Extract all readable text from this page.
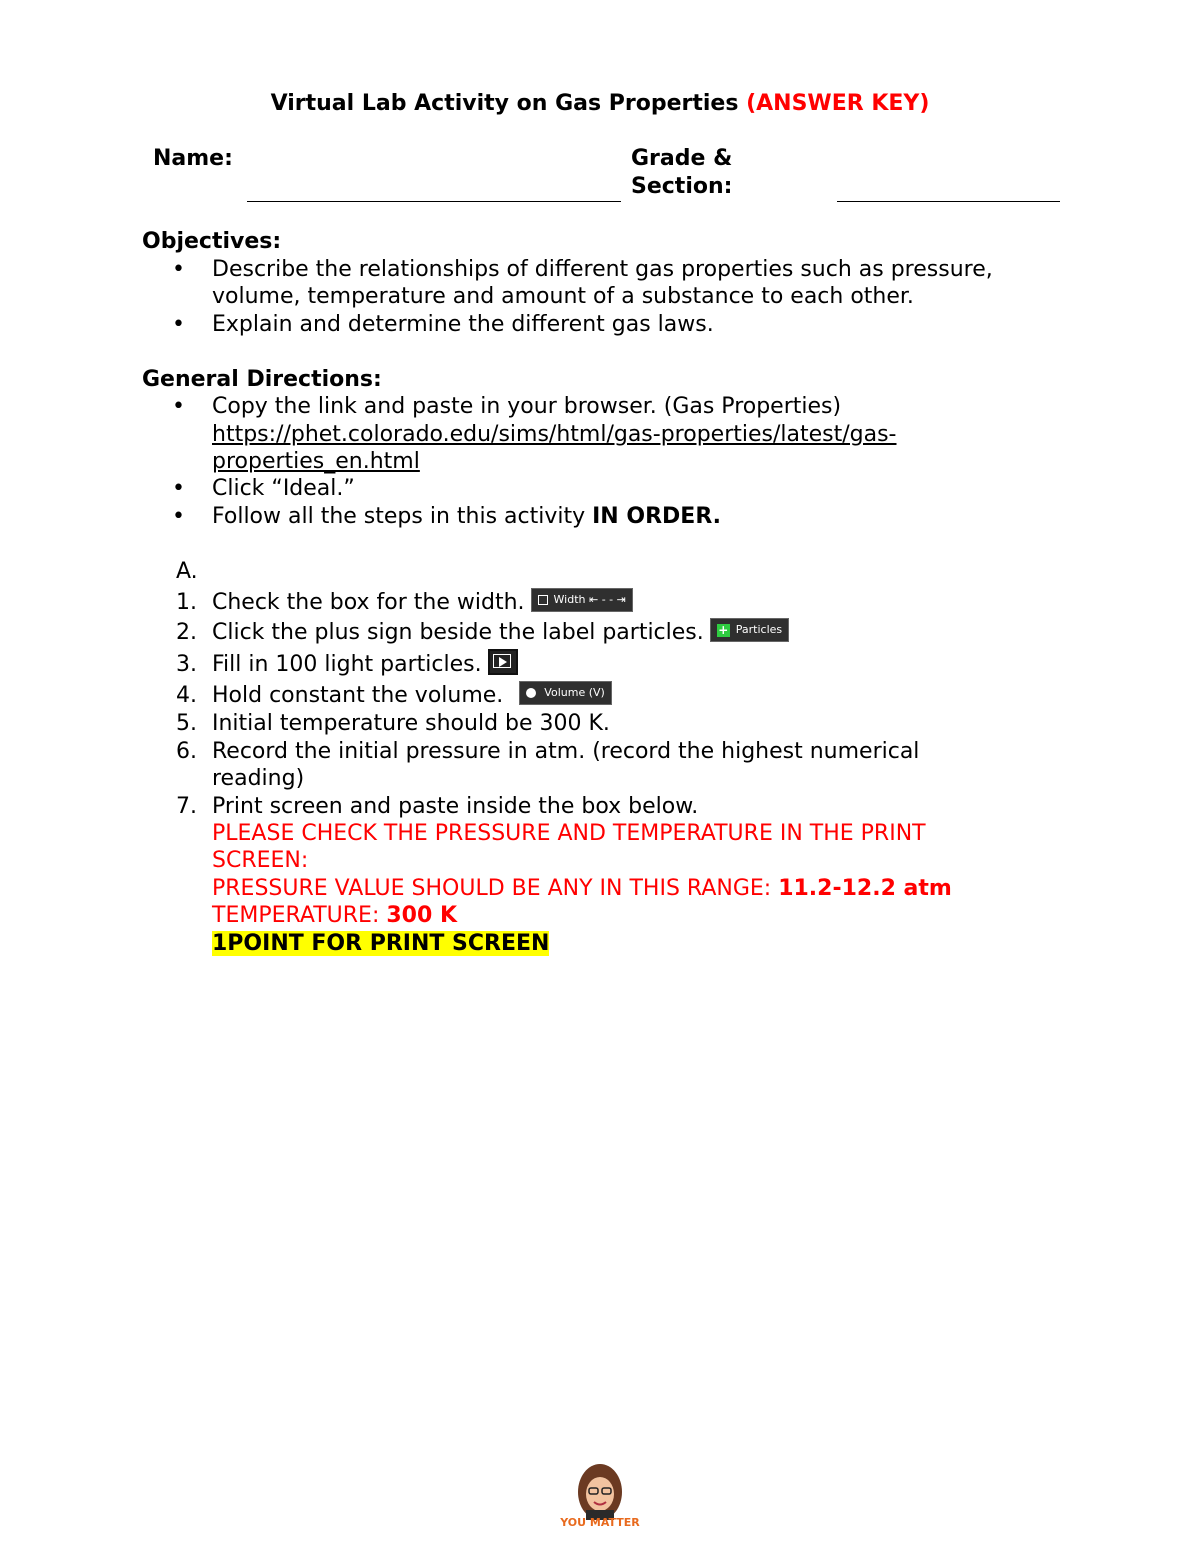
Virtual Lab Activity on Gas Properties (ANSWER KEY)
Name:	Grade &
Section:
Objectives:
• Describe the relationships of different gas properties such as pressure,
volume, temperature and amount of a substance to each other.
• Explain and determine the different gas laws.
General Directions:
• Copy the link and paste in your browser. (Gas Properties)
https://phet.colorado.edu/sims/html/gas-properties/latest/gas-
properties_en.html
• Click “Ideal.”
• Follow all the steps in this activity IN ORDER.
A.
1. Check the box for the width.	Width ⇤ - - ⇥
2. Click the plus sign beside the label particles. + Particles
3. Fill in 100 light particles.
4. Hold constant the volume.	Volume (V)
5. Initial temperature should be 300 K.
6. Record the initial pressure in atm. (record the highest numerical
reading)
7. Print screen and paste inside the box below.
PLEASE CHECK THE PRESSURE AND TEMPERATURE IN THE PRINT
SCREEN:
PRESSURE VALUE SHOULD BE ANY IN THIS RANGE: 11.2-12.2 atm
TEMPERATURE: 300 K
1POINT FOR PRINT SCREEN
YOU MATTER
